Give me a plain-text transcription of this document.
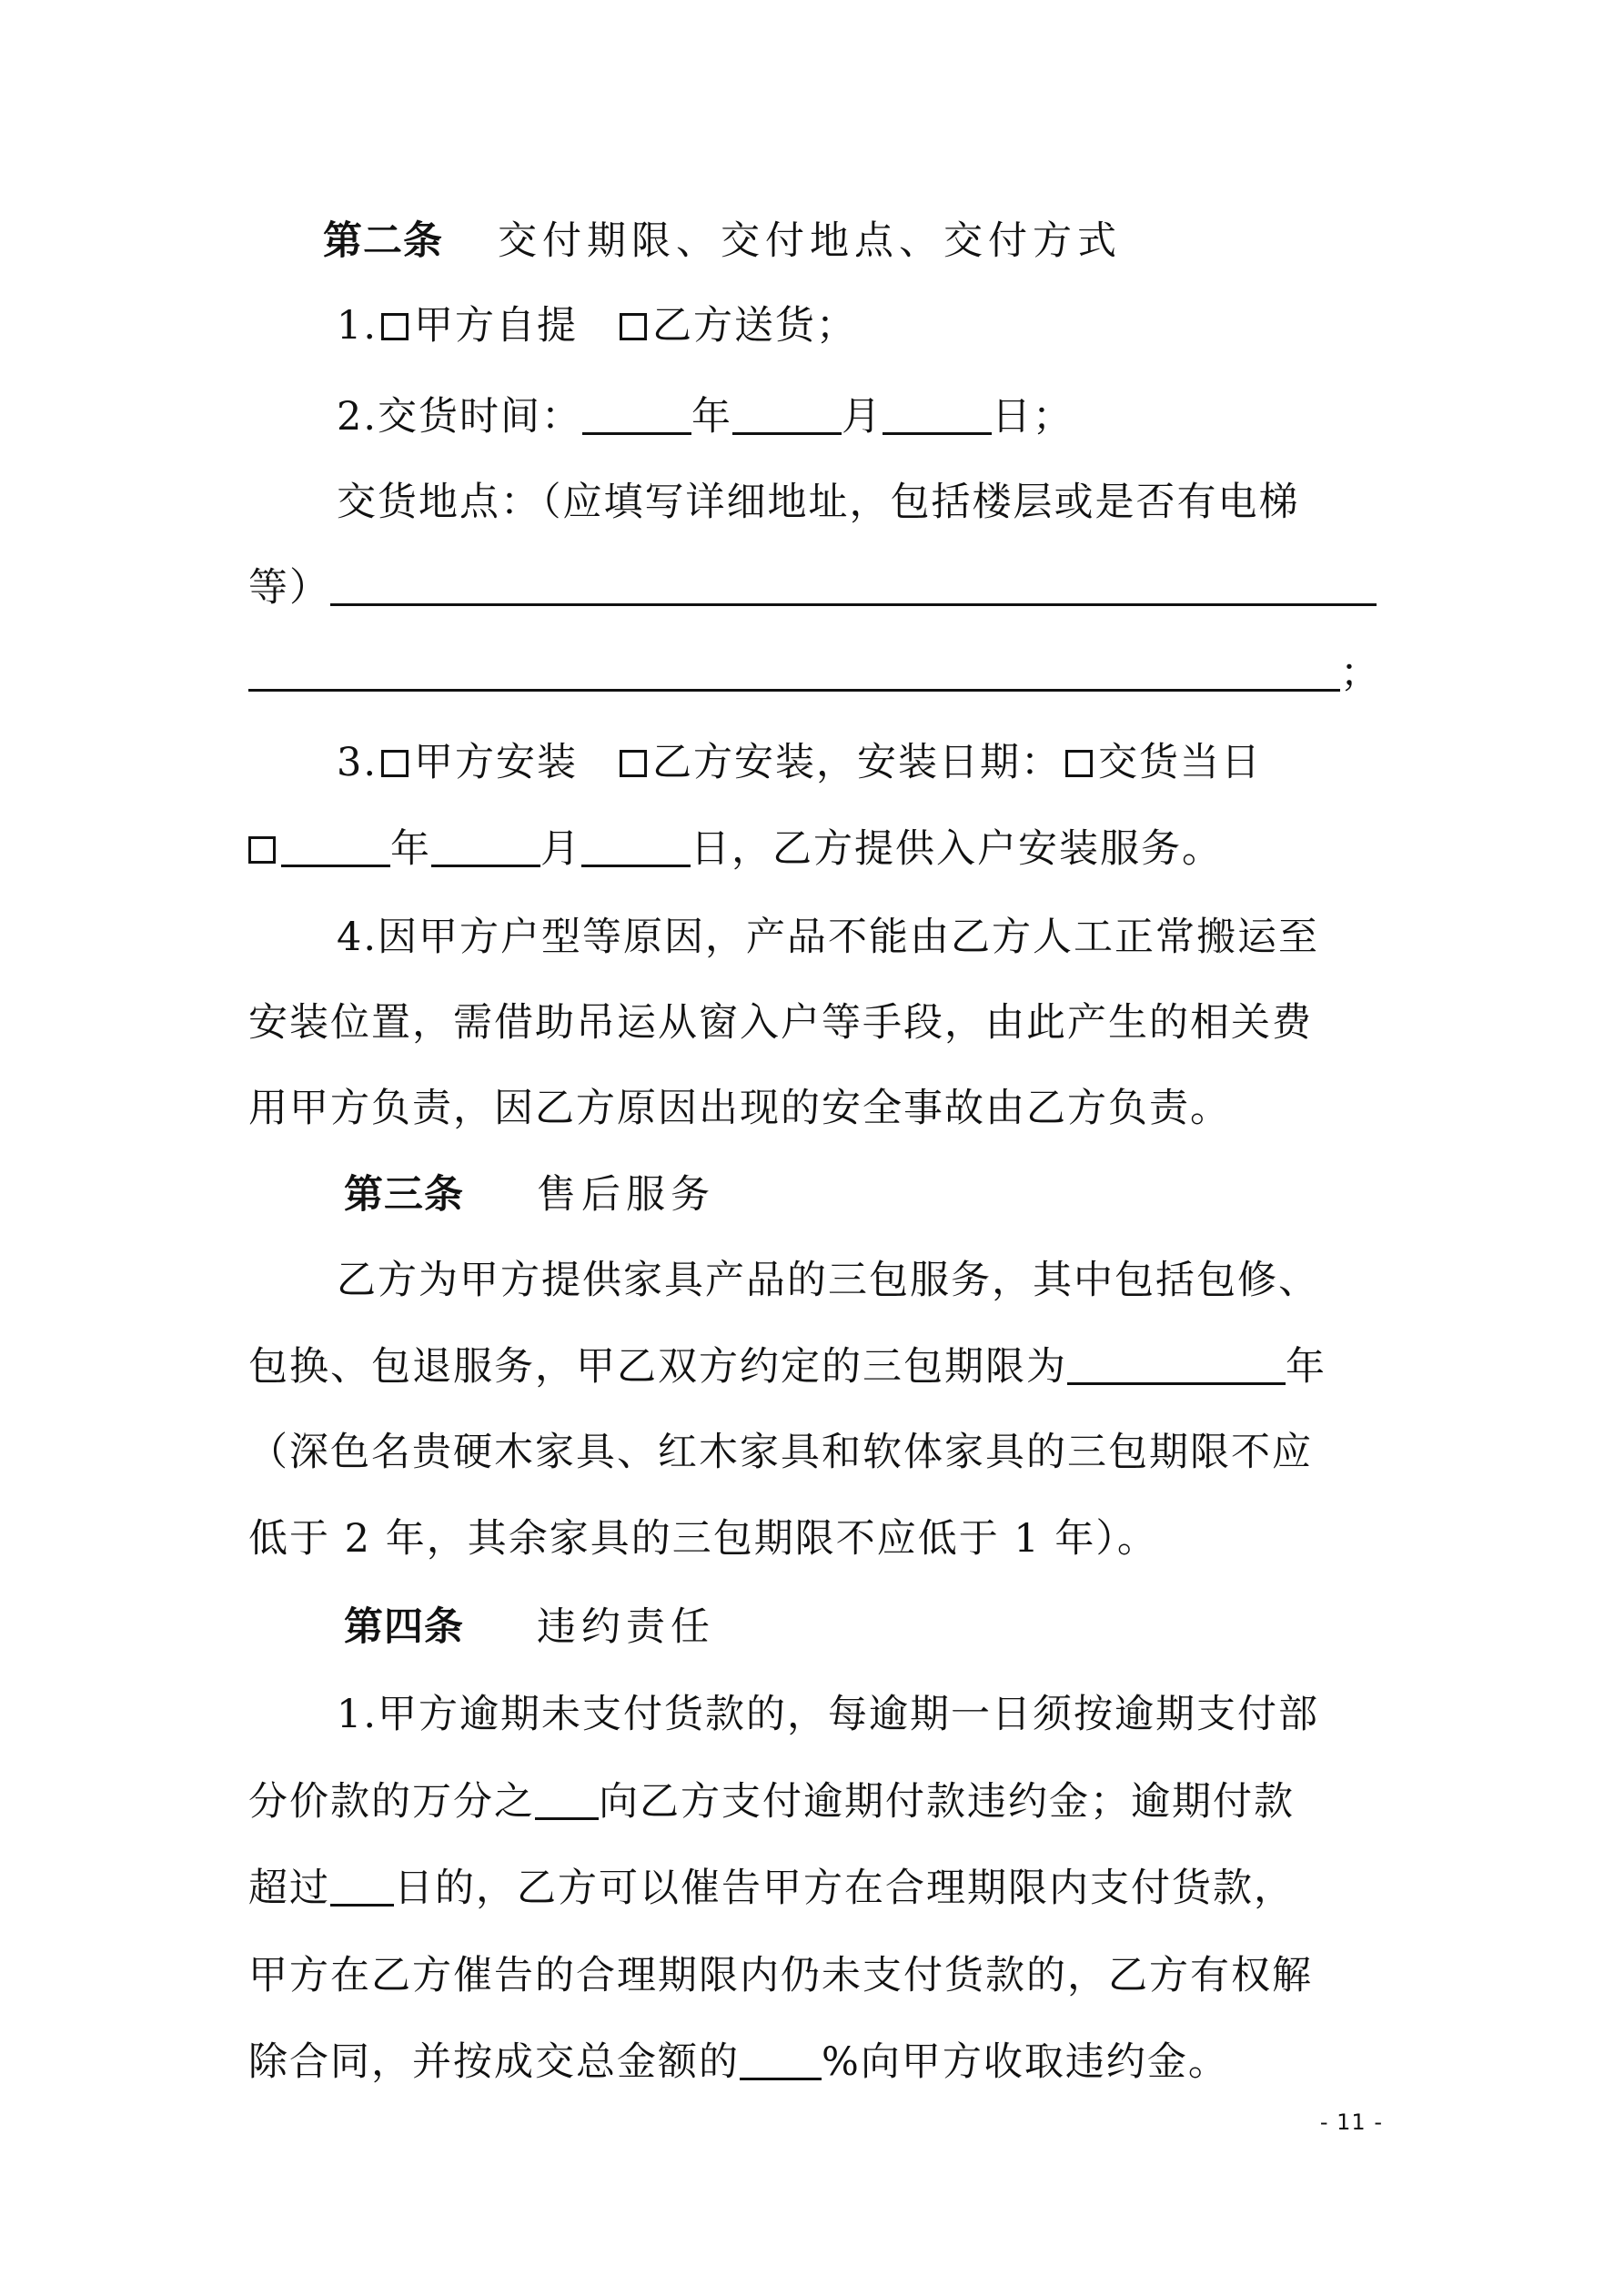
第二条 交付期限、交付地点、交付方式
1. 甲方自提 乙方送货；
2.交货时间：	年	月	日；
交货地点：（应填写详细地址，包括楼层或是否有电梯
等）
；
3. 甲方安装 乙方安装，安装日期： 交货当日
年	月	日，乙方提供入户安装服务。
4.因甲方户型等原因，产品不能由乙方人工正常搬运至
安装位置，需借助吊运从窗入户等手段，由此产生的相关费
用甲方负责，因乙方原因出现的安全事故由乙方负责。
第三条 售后服务
乙方为甲方提供家具产品的三包服务，其中包括包修、
包换、包退服务，甲乙双方约定的三包期限为	年
（深色名贵硬木家具、红木家具和软体家具的三包期限不应
低于 2 年，其余家具的三包期限不应低于 1 年）。
第四条 违约责任
1.甲方逾期未支付货款的，每逾期一日须按逾期支付部
分价款的万分之 向乙方支付逾期付款违约金；逾期付款
超过 日的，乙方可以催告甲方在合理期限内支付货款，
甲方在乙方催告的合理期限内仍未支付货款的，乙方有权解
除合同，并按成交总金额的 %向甲方收取违约金。
- 11 -
